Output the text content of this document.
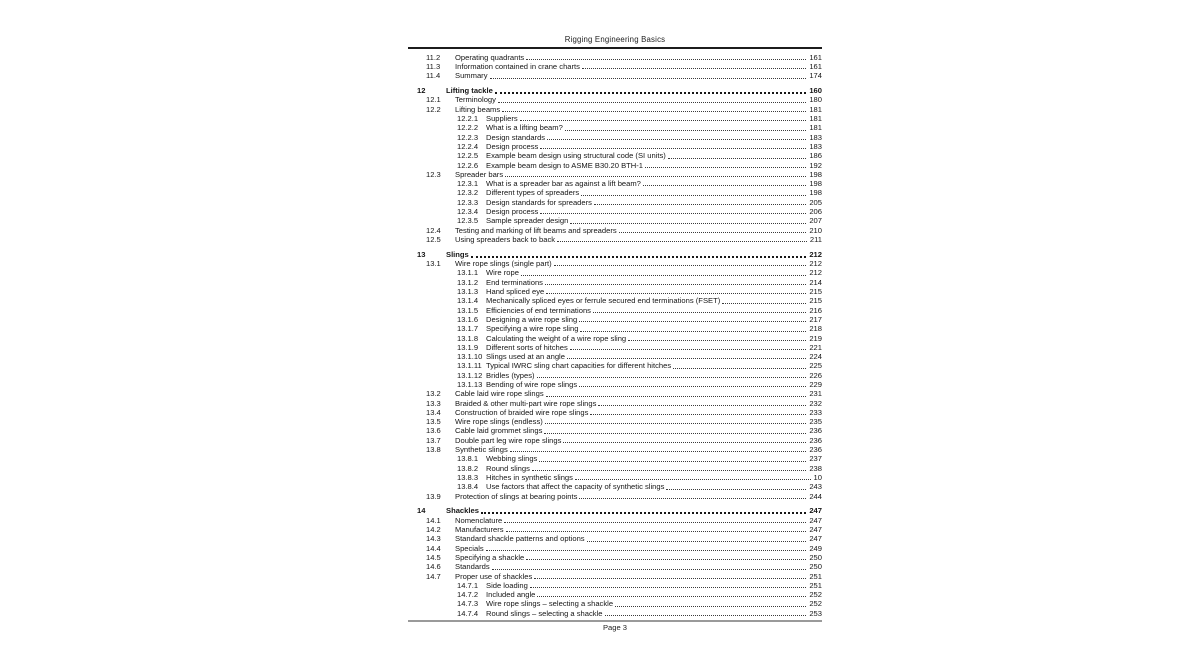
Rigging Engineering Basics
11.2	Operating quadrants	161
11.3	Information contained in crane charts	161
11.4	Summary	174
12	Lifting tackle	160
12.1	Terminology	180
12.2	Lifting beams	181
12.2.1	Suppliers	181
12.2.2	What is a lifting beam?	181
12.2.3	Design standards	183
12.2.4	Design process	183
12.2.5	Example beam design using structural code (SI units)	186
12.2.6	Example beam design to ASME B30.20 BTH-1	192
12.3	Spreader bars	198
12.3.1	What is a spreader bar as against a lift beam?	198
12.3.2	Different types of spreaders	198
12.3.3	Design standards for spreaders	205
12.3.4	Design process	206
12.3.5	Sample spreader design	207
12.4	Testing and marking of lift beams and spreaders	210
12.5	Using spreaders back to back	211
13	Slings	212
13.1	Wire rope slings (single part)	212
13.1.1	Wire rope	212
13.1.2	End terminations	214
13.1.3	Hand spliced eye	215
13.1.4	Mechanically spliced eyes or ferrule secured end terminations (FSET)	215
13.1.5	Efficiencies of end terminations	216
13.1.6	Designing a wire rope sling	217
13.1.7	Specifying a wire rope sling	218
13.1.8	Calculating the weight of a wire rope sling	219
13.1.9	Different sorts of hitches	221
13.1.10 Slings used at an angle	224
13.1.11 Typical IWRC sling chart capacities for different hitches	225
13.1.12 Bridles (types)	226
13.1.13 Bending of wire rope slings	229
13.2	Cable laid wire rope slings	231
13.3	Braided & other multi-part wire rope slings	232
13.4	Construction of braided wire rope slings	233
13.5	Wire rope slings (endless)	235
13.6	Cable laid grommet slings	236
13.7	Double part leg wire rope slings	236
13.8	Synthetic slings	236
13.8.1	Webbing slings	237
13.8.2	Round slings	238
13.8.3	Hitches in synthetic slings	10
13.8.4	Use factors that affect the capacity of synthetic slings	243
13.9	Protection of slings at bearing points	244
14	Shackles	247
14.1	Nomenclature	247
14.2	Manufacturers	247
14.3	Standard shackle patterns and options	247
14.4	Specials	249
14.5	Specifying a shackle	250
14.6	Standards	250
14.7	Proper use of shackles	251
14.7.1	Side loading	251
14.7.2	Included angle	252
14.7.3	Wire rope slings – selecting a shackle	252
14.7.4	Round slings – selecting a shackle	253
Page 3
